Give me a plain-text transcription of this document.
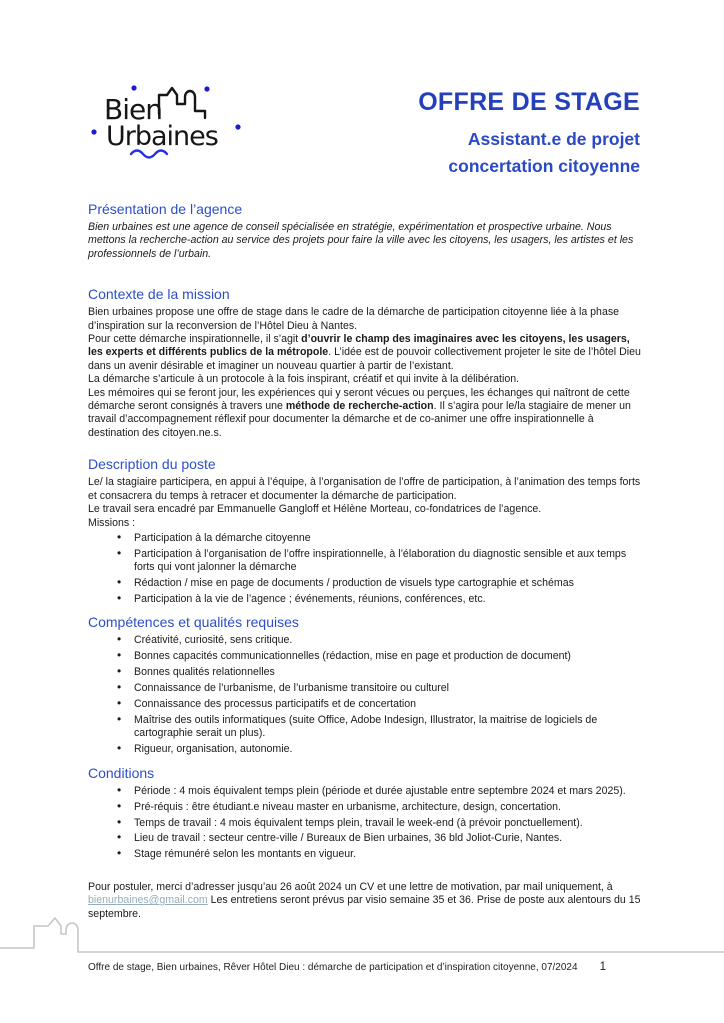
Bien
Urbaines
OFFRE DE STAGE
Assistant.e de projet
concertation citoyenne
Présentation de l’agence

Bien urbaines est une agence de conseil spécialisée en stratégie, expérimentation et prospective urbaine. Nous mettons la recherche-action au service des projets pour faire la ville avec les citoyens, les usagers, les artistes et les professionnels de l’urbain.

Contexte de la mission

Bien urbaines propose une offre de stage dans le cadre de la démarche de participation citoyenne liée à la phase d’inspiration sur la reconversion de l’Hôtel Dieu à Nantes.

Pour cette démarche inspirationnelle, il s’agit d’ouvrir le champ des imaginaires avec les citoyens, les usagers, les experts et différents publics de la métropole. L’idée est de pouvoir collectivement projeter le site de l’hôtel Dieu dans un avenir désirable et imaginer un nouveau quartier à partir de l’existant.

La démarche s’articule à un protocole à la fois inspirant, créatif et qui invite à la délibération.

Les mémoires qui se feront jour, les expériences qui y seront vécues ou perçues, les échanges qui naîtront de cette démarche seront consignés à travers une méthode de recherche-action. Il s’agira pour le/la stagiaire de mener un travail d’accompagnement réflexif pour documenter la démarche et de co-animer une offre inspirationnelle à destination des citoyen.ne.s.

Description du poste

Le/ la stagiaire participera, en appui à l’équipe, à l’organisation de l’offre de participation, à l’animation des temps forts et consacrera du temps à retracer et documenter la démarche de participation.

Le travail sera encadré par Emmanuelle Gangloff et Hélène Morteau, co-fondatrices de l’agence.

Missions :

• Participation à la démarche citoyenne
• Participation à l’organisation de l’offre inspirationnelle, à l’élaboration du diagnostic sensible et aux temps forts qui vont jalonner la démarche
• Rédaction / mise en page de documents / production de visuels type cartographie et schémas
• Participation à la vie de l’agence ; événements, réunions, conférences, etc.
Compétences et qualités requises
• Créativité, curiosité, sens critique.
• Bonnes capacités communicationnelles (rédaction, mise en page et production de document)
• Bonnes qualités relationnelles
• Connaissance de l’urbanisme, de l’urbanisme transitoire ou culturel
• Connaissance des processus participatifs et de concertation
• Maîtrise des outils informatiques (suite Office, Adobe Indesign, Illustrator, la maitrise de logiciels de cartographie serait un plus).
• Rigueur, organisation, autonomie.
Conditions
• Période : 4 mois équivalent temps plein (période et durée ajustable entre septembre 2024 et mars 2025).
• Pré-réquis : être étudiant.e niveau master en urbanisme, architecture, design, concertation.
• Temps de travail : 4 mois équivalent temps plein, travail le week-end (à prévoir ponctuellement).
• Lieu de travail : secteur centre-ville / Bureaux de Bien urbaines, 36 bld Joliot-Curie, Nantes.
• Stage rémunéré selon les montants en vigueur.

Pour postuler, merci d’adresser jusqu’au 26 août 2024 un CV et une lettre de motivation, par mail uniquement, à bienurbaines@gmail.com Les entretiens seront prévus par visio semaine 35 et 36. Prise de poste aux alentours du 15 septembre.

Offre de stage, Bien urbaines, Rêver Hôtel Dieu : démarche de participation et d’inspiration citoyenne, 07/2024 1
